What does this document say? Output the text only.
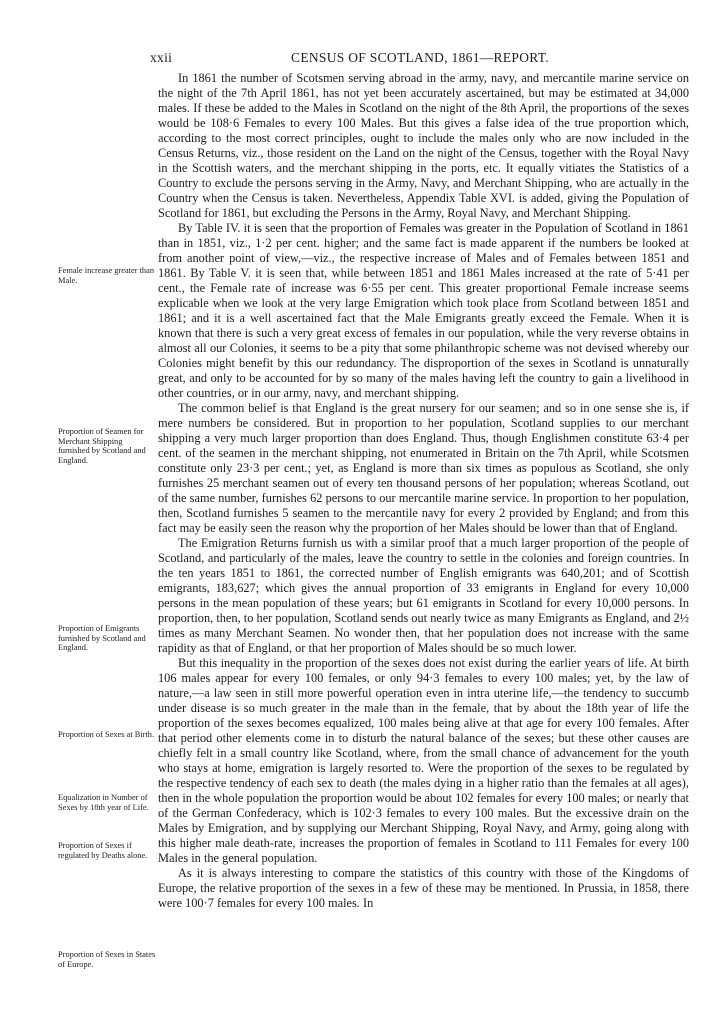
xxii	CENSUS OF SCOTLAND, 1861—REPORT.
Female increase greater than Male.
Proportion of Seamen for Merchant Shipping furnished by Scotland and England.
Proportion of Emigrants furnished by Scotland and England.
Proportion of Sexes at Birth.
Equalization in Number of Sexes by 18th year of Life.
Proportion of Sexes if regulated by Deaths alone.
Proportion of Sexes in States of Europe.

In 1861 the number of Scotsmen serving abroad in the army, navy, and mercantile marine service on the night of the 7th April 1861, has not yet been accurately ascertained, but may be estimated at 34,000 males. If these be added to the Males in Scotland on the night of the 8th April, the proportions of the sexes would be 108·6 Females to every 100 Males. But this gives a false idea of the true proportion which, according to the most correct principles, ought to include the males only who are now included in the Census Returns, viz., those resident on the Land on the night of the Census, together with the Royal Navy in the Scottish waters, and the merchant shipping in the ports, etc. It equally vitiates the Statistics of a Country to exclude the persons serving in the Army, Navy, and Merchant Shipping, who are actually in the Country when the Census is taken. Nevertheless, Appendix Table XVI. is added, giving the Population of Scotland for 1861, but excluding the Persons in the Army, Royal Navy, and Merchant Shipping.

By Table IV. it is seen that the proportion of Females was greater in the Population of Scotland in 1861 than in 1851, viz., 1·2 per cent. higher; and the same fact is made apparent if the numbers be looked at from another point of view,—viz., the respective increase of Males and of Females between 1851 and 1861. By Table V. it is seen that, while between 1851 and 1861 Males increased at the rate of 5·41 per cent., the Female rate of increase was 6·55 per cent. This greater proportional Female increase seems explicable when we look at the very large Emigration which took place from Scotland between 1851 and 1861; and it is a well ascertained fact that the Male Emigrants greatly exceed the Female. When it is known that there is such a very great excess of females in our population, while the very reverse obtains in almost all our Colonies, it seems to be a pity that some philanthropic scheme was not devised whereby our Colonies might benefit by this our redundancy. The disproportion of the sexes in Scotland is unnaturally great, and only to be accounted for by so many of the males having left the country to gain a livelihood in other countries, or in our army, navy, and merchant shipping.

The common belief is that England is the great nursery for our seamen; and so in one sense she is, if mere numbers be considered. But in proportion to her population, Scotland supplies to our merchant shipping a very much larger proportion than does England. Thus, though Englishmen constitute 63·4 per cent. of the seamen in the merchant shipping, not enumerated in Britain on the 7th April, while Scotsmen constitute only 23·3 per cent.; yet, as England is more than six times as populous as Scotland, she only furnishes 25 merchant seamen out of every ten thousand persons of her population; whereas Scotland, out of the same number, furnishes 62 persons to our mercantile marine service. In proportion to her population, then, Scotland furnishes 5 seamen to the mercantile navy for every 2 provided by England; and from this fact may be easily seen the reason why the proportion of her Males should be lower than that of England.

The Emigration Returns furnish us with a similar proof that a much larger proportion of the people of Scotland, and particularly of the males, leave the country to settle in the colonies and foreign countries. In the ten years 1851 to 1861, the corrected number of English emigrants was 640,201; and of Scottish emigrants, 183,627; which gives the annual proportion of 33 emigrants in England for every 10,000 persons in the mean population of these years; but 61 emigrants in Scotland for every 10,000 persons. In proportion, then, to her population, Scotland sends out nearly twice as many Emigrants as England, and 2½ times as many Merchant Seamen. No wonder then, that her population does not increase with the same rapidity as that of England, or that her proportion of Males should be so much lower.

But this inequality in the proportion of the sexes does not exist during the earlier years of life. At birth 106 males appear for every 100 females, or only 94·3 females to every 100 males; yet, by the law of nature,—a law seen in still more powerful operation even in intra uterine life,—the tendency to succumb under disease is so much greater in the male than in the female, that by about the 18th year of life the proportion of the sexes becomes equalized, 100 males being alive at that age for every 100 females. After that period other elements come in to disturb the natural balance of the sexes; but these other causes are chiefly felt in a small country like Scotland, where, from the small chance of advancement for the youth who stays at home, emigration is largely resorted to. Were the proportion of the sexes to be regulated by the respective tendency of each sex to death (the males dying in a higher ratio than the females at all ages), then in the whole population the proportion would be about 102 females for every 100 males; or nearly that of the German Confederacy, which is 102·3 females to every 100 males. But the excessive drain on the Males by Emigration, and by supplying our Merchant Shipping, Royal Navy, and Army, going along with this higher male death-rate, increases the proportion of females in Scotland to 111 Females for every 100 Males in the general population.

As it is always interesting to compare the statistics of this country with those of the Kingdoms of Europe, the relative proportion of the sexes in a few of these may be mentioned. In Prussia, in 1858, there were 100·7 females for every 100 males. In
